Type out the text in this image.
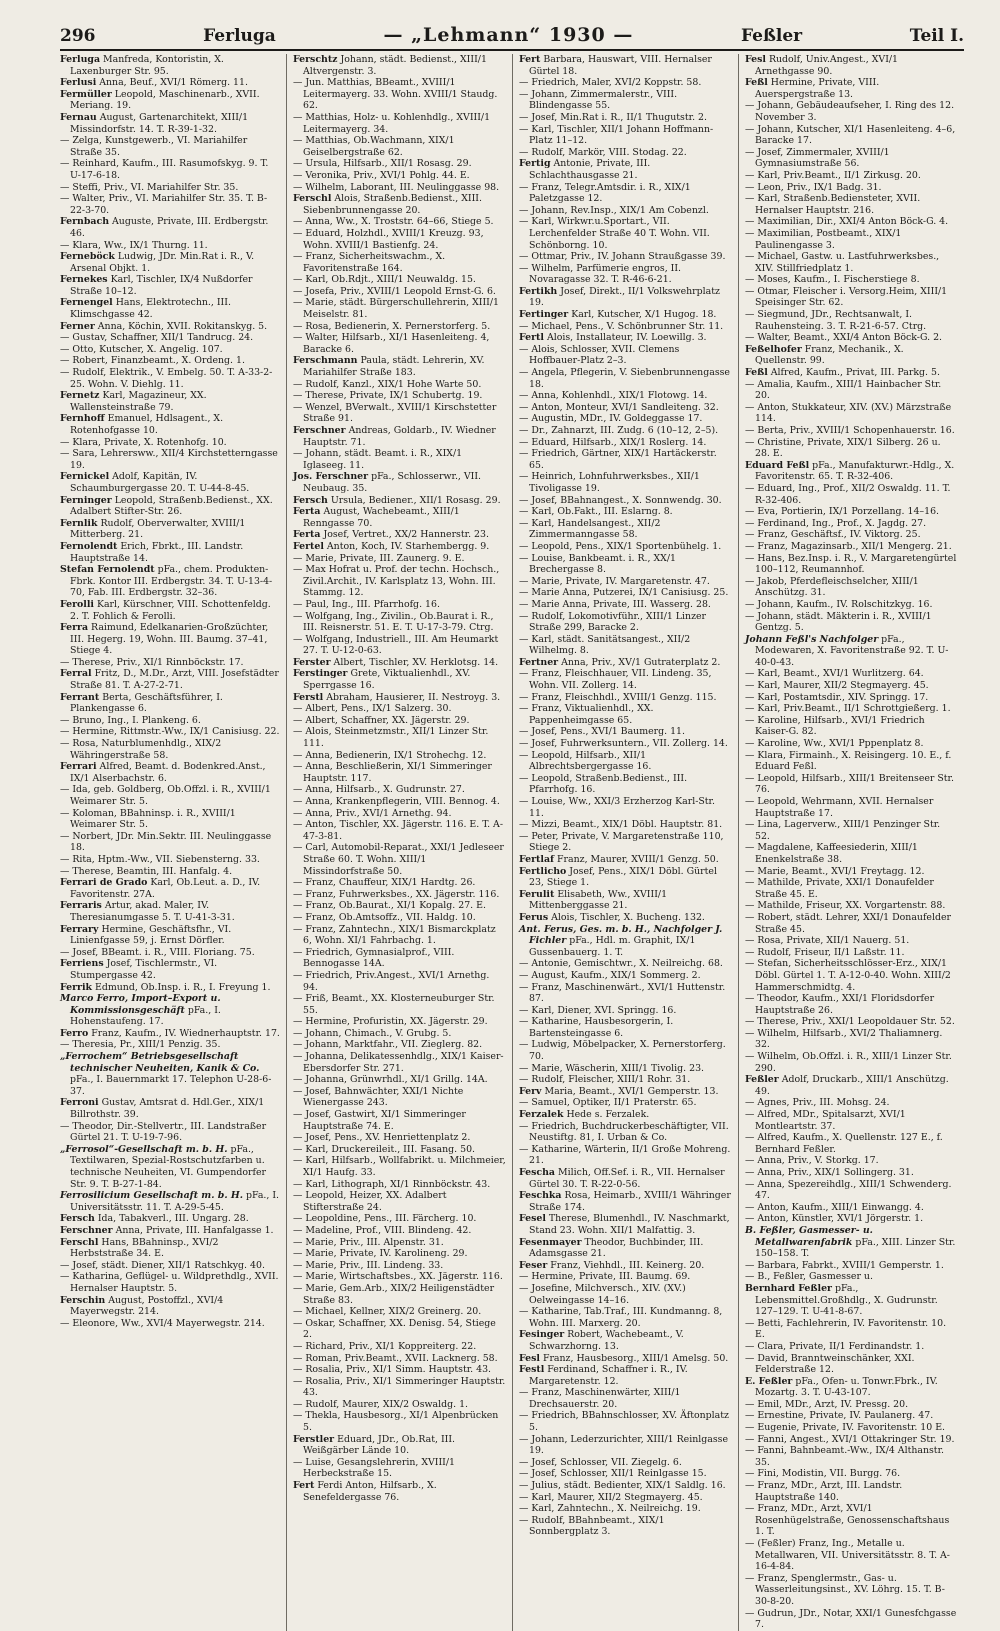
296	Ferluga	— „Lehmann“ 1930 —	Feßler	Teil I.

Ferluga Manfreda, Kontoristin, X. Laxenburger Str. 95.

Ferlusi Anna, Beuf., XVI/1 Römerg. 11.

Fermüller Leopold, Maschinenarb., XVII. Meriang. 19.

Fernau August, Gartenarchitekt, XIII/1 Missindorfstr. 14. T. R-39-1-32.

— Zelga, Kunstgewerb., VI. Mariahilfer Straße 35.

— Reinhard, Kaufm., III. Rasumofskyg. 9. T. U-17-6-18.

— Steffi, Priv., VI. Mariahilfer Str. 35.

— Walter, Priv., VI. Mariahilfer Str. 35. T. B-22-3-70.

Fernbach Auguste, Private, III. Erdbergstr. 46.

— Klara, Ww., IX/1 Thurng. 11.

Ferneböck Ludwig, JDr. Min.Rat i. R., V. Arsenal Objkt. 1.

Fernekes Karl, Tischler, IX/4 Nußdorfer Straße 10–12.

Fernengel Hans, Elektrotechn., III. Klimschgasse 42.

Ferner Anna, Köchin, XVII. Rokitanskyg. 5.

— Gustav, Schaffner, XII/1 Tandrucg. 24.

— Otto, Kutscher, X. Angelig. 107.

— Robert, Finanzbeamt., X. Ordeng. 1.

— Rudolf, Elektrik., V. Embelg. 50. T. A-33-2-25. Wohn. V. Diehlg. 11.

Fernetz Karl, Magazineur, XX. Wallensteinstraße 79.

Fernhoff Emanuel, Hdlsagent., X. Rotenhofgasse 10.

— Klara, Private, X. Rotenhofg. 10.

— Sara, Lehrersww., XII/4 Kirchstetterngasse 19.

Fernickel Adolf, Kapitän, IV. Schaumburgergasse 20. T. U-44-8-45.

Ferninger Leopold, Straßenb.Bedienst., XX. Adalbert Stifter-Str. 26.

Fernlik Rudolf, Oberverwalter, XVIII/1 Mitterberg. 21.

Fernolendt Erich, Fbrkt., III. Landstr. Hauptstraße 14.

Stefan Fernolendt pFa., chem. Produkten-Fbrk. Kontor III. Erdbergstr. 34. T. U-13-4-70, Fab. III. Erdbergstr. 32–36.

Ferolli Karl, Kürschner, VIII. Schottenfeldg. 2. T. Fohlich & Ferolli.

Ferra Raimund, Edelkanarien-Großzüchter, III. Hegerg. 19, Wohn. III. Baumg. 37–41, Stiege 4.

— Therese, Priv., XI/1 Rinnböckstr. 17.

Ferral Fritz, D., M.Dr., Arzt, VIII. Josefstädter Straße 81. T. A-27-2-71.

Ferrant Berta, Geschäftsführer, I. Plankengasse 6.

— Bruno, Ing., I. Plankeng. 6.

— Hermine, Rittmstr.-Ww., IX/1 Canisiusg. 22.

— Rosa, Naturblumenhdlg., XIX/2 Währingerstraße 58.

Ferrari Alfred, Beamt. d. Bodenkred.Anst., IX/1 Alserbachstr. 6.

— Ida, geb. Goldberg, Ob.Offzl. i. R., XVIII/1 Weimarer Str. 5.

— Koloman, BBahninsp. i. R., XVIII/1 Weimarer Str. 5.

— Norbert, JDr. Min.Sektr. III. Neulinggasse 18.

— Rita, Hptm.-Ww., VII. Siebensterng. 33.

— Therese, Beamtin, III. Hanfalg. 4.

Ferrari de Grado Karl, Ob.Leut. a. D., IV. Favoritenstr. 27A.

Ferraris Artur, akad. Maler, IV. Theresianumgasse 5. T. U-41-3-31.

Ferrary Hermine, Geschäftsfhr., VI. Linienfgasse 59, j. Ernst Dörfler.

— Josef, BBeamt. i. R., VIII. Floriang. 75.

Ferriens Josef, Tischlermstr., VI. Stumpergasse 42.

Ferrik Edmund, Ob.Insp. i. R., I. Freyung 1.

Marco Ferro, Import–Export u. Kommissionsgeschäft pFa., I. Hohenstaufeng. 17.

Ferro Franz, Kaufm., IV. Wiednerhauptstr. 17.

— Theresia, Pr., XIII/1 Penzig. 35.

„Ferrochem“ Betriebsgesellschaft technischer Neuheiten, Kanik & Co. pFa., I. Bauernmarkt 17. Telephon U-28-6-37.

Ferroni Gustav, Amtsrat d. Hdl.Ger., XIX/1 Billrothstr. 39.

— Theodor, Dir.-Stellvertr., III. Landstraßer Gürtel 21. T. U-19-7-96.

„Ferrosol“-Gesellschaft m. b. H. pFa., Textilwaren, Spezial-Rostschutzfarben u. technische Neuheiten, VI. Gumpendorfer Str. 9. T. B-27-1-84.

Ferrosilicium Gesellschaft m. b. H. pFa., I. Universitätsstr. 11. T. A-29-5-45.

Fersch Ida, Tabakverl., III. Ungarg. 28.

Ferschner Anna, Private, III. Hanfalgasse 1.

Ferschl Hans, BBahninsp., XVI/2 Herbststraße 34. E.

— Josef, städt. Diener, XII/1 Ratschkyg. 40.

— Katharina, Geflügel- u. Wildprethdlg., XVII. Hernalser Hauptstr. 5.

Ferschin August, Postoffzl., XVI/4 Mayerwegstr. 214.

— Eleonore, Ww., XVI/4 Mayerwegstr. 214.

Ferschtz Johann, städt. Bedienst., XIII/1 Altvergenstr. 3.

— Jun. Matthias, BBeamt., XVIII/1 Leitermayerg. 33. Wohn. XVIII/1 Staudg. 62.

— Matthias, Holz- u. Kohlenhdlg., XVIII/1 Leitermayerg. 34.

— Matthias, Ob.Wachmann, XIX/1 Geiselbergstraße 62.

— Ursula, Hilfsarb., XII/1 Rosasg. 29.

— Veronika, Priv., XVI/1 Pohlg. 44. E.

— Wilhelm, Laborant, III. Neulinggasse 98.

Ferschl Alois, Straßenb.Bedienst., XIII. Siebenbrunnengasse 20.

— Anna, Ww., X. Troststr. 64–66, Stiege 5.

— Eduard, Holzhdl., XVIII/1 Kreuzg. 93, Wohn. XVIII/1 Bastienfg. 24.

— Franz, Sicherheitswachm., X. Favoritenstraße 164.

— Karl, Ob.Rdjt., XIII/1 Neuwaldg. 15.

— Josefa, Priv., XVIII/1 Leopold Ernst-G. 6.

— Marie, städt. Bürgerschullehrerin, XIII/1 Meiselstr. 81.

— Rosa, Bedienerin, X. Pernerstorferg. 5.

— Walter, Hilfsarb., XI/1 Hasenleiteng. 4, Baracke 6.

Ferschmann Paula, städt. Lehrerin, XV. Mariahilfer Straße 183.

— Rudolf, Kanzl., XIX/1 Hohe Warte 50.

— Therese, Private, IX/1 Schubertg. 19.

— Wenzel, BVerwalt., XVIII/1 Kirschstetter Straße 91.

Ferschner Andreas, Goldarb., IV. Wiedner Hauptstr. 71.

— Johann, städt. Beamt. i. R., XIX/1 Iglaseeg. 11.

Jos. Ferschner pFa., Schlosserwr., VII. Neubaug. 35.

Fersch Ursula, Bediener., XII/1 Rosasg. 29.

Ferta August, Wachebeamt., XIII/1 Renngasse 70.

Ferta Josef, Vertret., XX/2 Hannerstr. 23.

Fertel Anton, Koch, IV. Starhembergg. 9.

— Marie, Private, III. Zaunerg. 9. E.

— Max Hofrat u. Prof. der techn. Hochsch., Zivil.Archit., IV. Karlsplatz 13, Wohn. III. Stammg. 12.

— Paul, Ing., III. Pfarrhofg. 16.

— Wolfgang, Ing., Zivilin., Ob.Baurat i. R., III. Reisnerstr. 51. E. T. U-17-3-79. Ctrg.

— Wolfgang, Industriell., III. Am Heumarkt 27. T. U-12-0-63.

Ferster Albert, Tischler, XV. Herklotsg. 14.

Ferstinger Grete, Viktualienhdl., XV. Sperrgasse 16.

Ferstl Abraham, Hausierer, II. Nestroyg. 3.

— Albert, Pens., IX/1 Salzerg. 30.

— Albert, Schaffner, XX. Jägerstr. 29.

— Alois, Steinmetzmstr., XII/1 Linzer Str. 111.

— Anna, Bedienerin, IX/1 Strohechg. 12.

— Anna, Beschließerin, XI/1 Simmeringer Hauptstr. 117.

— Anna, Hilfsarb., X. Gudrunstr. 27.

— Anna, Krankenpflegerin, VIII. Bennog. 4.

— Anna, Priv., XVI/1 Arnethg. 94.

— Anton, Tischler, XX. Jägerstr. 116. E. T. A-47-3-81.

— Carl, Automobil-Reparat., XXI/1 Jedleseer Straße 60. T. Wohn. XIII/1 Missindorfstraße 50.

— Franz, Chauffeur, XIX/1 Hardtg. 26.

— Franz, Fuhrwerksbes., XX. Jägerstr. 116.

— Franz, Ob.Baurat., XI/1 Kopalg. 27. E.

— Franz, Ob.Amtsoffz., VII. Haldg. 10.

— Franz, Zahntechn., XIX/1 Bismarckplatz 6, Wohn. XI/1 Fahrbachg. 1.

— Friedrich, Gymnasialprof., VIII. Bennogasse 14A.

— Friedrich, Priv.Angest., XVI/1 Arnethg. 94.

— Friß, Beamt., XX. Klosterneuburger Str. 55.

— Hermine, Profuristin, XX. Jägerstr. 29.

— Johann, Chimach., V. Grubg. 5.

— Johann, Marktfahr., VII. Zieglerg. 82.

— Johanna, Delikatessenhdlg., XIX/1 Kaiser-Ebersdorfer Str. 271.

— Johanna, Grünwrhdl., XI/1 Grillg. 14A.

— Josef, Bahnwächter, XXI/1 Nichte Wienergasse 243.

— Josef, Gastwirt, XI/1 Simmeringer Hauptstraße 74. E.

— Josef, Pens., XV. Henriettenplatz 2.

— Karl, Druckereileit., III. Fasang. 50.

— Karl, Hilfsarb., Wollfabrikt. u. Milchmeier, XI/1 Haufg. 33.

— Karl, Lithograph, XI/1 Rinnböckstr. 43.

— Leopold, Heizer, XX. Adalbert Stifterstraße 24.

— Leopoldine, Pens., III. Färcherg. 10.

— Madeline, Prof., VIII. Blindeng. 42.

— Marie, Priv., III. Alpenstr. 31.

— Marie, Private, IV. Karolineng. 29.

— Marie, Priv., III. Lindeng. 33.

— Marie, Wirtschaftsbes., XX. Jägerstr. 116.

— Marie, Gem.Arb., XIX/2 Heiligenstädter Straße 83.

— Michael, Kellner, XIX/2 Greinerg. 20.

— Oskar, Schaffner, XX. Denisg. 54, Stiege 2.

— Richard, Priv., XI/1 Koppreiterg. 22.

— Roman, Priv.Beamt., XVII. Lacknerg. 58.

— Rosalia, Priv., XI/1 Simm. Hauptstr. 43.

— Rosalia, Priv., XI/1 Simmeringer Hauptstr. 43.

— Rudolf, Maurer, XIX/2 Oswaldg. 1.

— Thekla, Hausbesorg., XI/1 Alpenbrücken 5.

Ferstler Eduard, JDr., Ob.Rat, III. Weißgärber Lände 10.

— Luise, Gesangslehrerin, XVIII/1 Herbeckstraße 15.

Fert Ferdi Anton, Hilfsarb., X. Senefeldergasse 76.

Fert Barbara, Hauswart, VIII. Hernalser Gürtel 18.

— Friedrich, Maler, XVI/2 Koppstr. 58.

— Johann, Zimmermalerstr., VIII. Blindengasse 55.

— Josef, Min.Rat i. R., II/1 Thugutstr. 2.

— Karl, Tischler, XII/1 Johann Hoffmann-Platz 11–12.

— Rudolf, Markör, VIII. Stodag. 22.

Fertig Antonie, Private, III. Schlachthausgasse 21.

— Franz, Telegr.Amtsdir. i. R., XIX/1 Paletzgasse 12.

— Johann, Rev.Insp., XIX/1 Am Cobenzl.

— Karl, Wirkwr.u.Sportart., VII. Lerchenfelder Straße 40 T. Wohn. VII. Schönborng. 10.

— Ottmar, Priv., IV. Johann Straußgasse 39.

— Wilhelm, Parfümerie engros, II. Novaragasse 32. T. R-46-6-21.

Fertikh Josef, Direkt., II/1 Volkswehrplatz 19.

Fertinger Karl, Kutscher, X/1 Hugog. 18.

— Michael, Pens., V. Schönbrunner Str. 11.

Fertl Alois, Installateur, IV. Loewillg. 3.

— Alois, Schlosser, XVII. Clemens Hoffbauer-Platz 2–3.

— Angela, Pflegerin, V. Siebenbrunnengasse 18.

— Anna, Kohlenhdl., XIX/1 Flotowg. 14.

— Anton, Monteur, XVI/1 Sandleiteng. 32.

— Augustin, MDr., IV. Goldeggasse 17.

— Dr., Zahnarzt, III. Zudg. 6 (10–12, 2–5).

— Eduard, Hilfsarb., XIX/1 Roslerg. 14.

— Friedrich, Gärtner, XIX/1 Hartäckerstr. 65.

— Heinrich, Lohnfuhrwerksbes., XII/1 Tivoligasse 19.

— Josef, BBahnangest., X. Sonnwendg. 30.

— Karl, Ob.Fakt., III. Eslarng. 8.

— Karl, Handelsangest., XII/2 Zimmermanngasse 58.

— Leopold, Pens., XIX/1 Sportenbühelg. 1.

— Louise, Bankbeamt. i. R., XX/1 Brechergasse 8.

— Marie, Private, IV. Margaretenstr. 47.

— Marie Anna, Putzerei, IX/1 Canisiusg. 25.

— Marie Anna, Private, III. Wasserg. 28.

— Rudolf, Lokomotivführ., XIII/1 Linzer Straße 299, Baracke 2.

— Karl, städt. Sanitätsangest., XII/2 Wilhelmg. 8.

Fertner Anna, Priv., XV/1 Gutraterplatz 2.

— Franz, Fleischhauer, VII. Lindeng. 35, Wohn. VII. Zollerg. 14.

— Franz, Fleischhdl., XVIII/1 Genzg. 115.

— Franz, Viktualienhdl., XX. Pappenheimgasse 65.

— Josef, Pens., XVI/1 Baumerg. 11.

— Josef, Fuhrwerksuntern., VII. Zollerg. 14.

— Leopold, Hilfsarb., XII/1 Albrechtsbergergasse 16.

— Leopold, Straßenb.Bedienst., III. Pfarrhofg. 16.

— Louise, Ww., XXI/3 Erzherzog Karl-Str. 11.

— Mizzi, Beamt., XIX/1 Döbl. Hauptstr. 81.

— Peter, Private, V. Margaretenstraße 110, Stiege 2.

Fertlaf Franz, Maurer, XVIII/1 Genzg. 50.

Fertlicho Josef, Pens., XIX/1 Döbl. Gürtel 23, Stiege 1.

Ferulit Elisabeth, Ww., XVIII/1 Mittenberggasse 21.

Ferus Alois, Tischler, X. Bucheng. 132.

Ant. Ferus, Ges. m. b. H., Nachfolger J. Fichler pFa., Hdl. m. Graphit, IX/1 Gussenbauerg. 1. T.

— Antonie, Gemischtwr., X. Neilreichg. 68.

— August, Kaufm., XIX/1 Sommerg. 2.

— Franz, Maschinenwärt., XVI/1 Huttenstr. 87.

— Karl, Diener, XVI. Springg. 16.

— Katharine, Hausbesorgerin, I. Bartensteingasse 6.

— Ludwig, Möbelpacker, X. Pernerstorferg. 70.

— Marie, Wäscherin, XIII/1 Tivolig. 23.

— Rudolf, Fleischer, XIII/1 Rohr. 31.

Ferv Maria, Beamt., XVI/1 Gemperstr. 13.

— Samuel, Optiker, II/1 Praterstr. 65.

Ferzalek Hede s. Ferzalek.

— Friedrich, Buchdruckerbeschäftigter, VII. Neustiftg. 81, I. Urban & Co.

— Katharine, Wärterin, II/1 Große Mohreng. 21.

Fescha Milich, Off.Sef. i. R., VII. Hernalser Gürtel 30. T. R-22-0-56.

Feschka Rosa, Heimarb., XVIII/1 Währinger Straße 174.

Fesel Therese, Blumenhdl., IV. Naschmarkt, Stand 23. Wohn. XII/1 Malfattig. 3.

Fesenmayer Theodor, Buchbinder, III. Adamsgasse 21.

Feser Franz, Viehhdl., III. Keinerg. 20.

— Hermine, Private, III. Baumg. 69.

— Josefine, Milchversch., XIV. (XV.) Oelweingasse 14–16.

— Katharine, Tab.Traf., III. Kundmanng. 8, Wohn. III. Marxerg. 20.

Fesinger Robert, Wachebeamt., V. Schwarzhorng. 13.

Fesl Franz, Hausbesorg., XIII/1 Amelsg. 50.

Festl Ferdinand, Schaffner i. R., IV. Margaretenstr. 12.

— Franz, Maschinenwärter, XIII/1 Drechsauerstr. 20.

— Friedrich, BBahnschlosser, XV. Äftonplatz 5.

— Johann, Lederzurichter, XIII/1 Reinlgasse 19.

— Josef, Schlosser, VII. Ziegelg. 6.

— Josef, Schlosser, XII/1 Reinlgasse 15.

— Julius, städt. Bedienter, XIX/1 Saldlg. 16.

— Karl, Maurer, XII/2 Stegmayerg. 45.

— Karl, Zahntechn., X. Neilreichg. 19.

— Rudolf, BBahnbeamt., XIX/1 Sonnbergplatz 3.

Fesl Rudolf, Univ.Angest., XVI/1 Arnethgasse 90.

Feßl Hermine, Private, VIII. Auerspergstraße 13.

— Johann, Gebäudeaufseher, I. Ring des 12. November 3.

— Johann, Kutscher, XI/1 Hasenleiteng. 4–6, Baracke 17.

— Josef, Zimmermaler, XVIII/1 Gymnasiumstraße 56.

— Karl, Priv.Beamt., II/1 Zirkusg. 20.

— Leon, Priv., IX/1 Badg. 31.

— Karl, Straßenb.Bediensteter, XVII. Hernalser Hauptstr. 216.

— Maximilian, Dir., XXI/4 Anton Böck-G. 4.

— Maximilian, Postbeamt., XIX/1 Paulinengasse 3.

— Michael, Gastw. u. Lastfuhrwerksbes., XIV. Stillfriedplatz 1.

— Moses, Kaufm., I. Fischerstiege 8.

— Otmar, Fleischer i. Versorg.Heim, XIII/1 Speisinger Str. 62.

— Siegmund, JDr., Rechtsanwalt, I. Rauhensteing. 3. T. R-21-6-57. Ctrg.

— Walter, Beamt., XXI/4 Anton Böck-G. 2.

Feßelhofer Franz, Mechanik., X. Quellenstr. 99.

Feßl Alfred, Kaufm., Privat, III. Parkg. 5.

— Amalia, Kaufm., XIII/1 Hainbacher Str. 20.

— Anton, Stukkateur, XIV. (XV.) Märzstraße 114.

— Berta, Priv., XVIII/1 Schopenhauerstr. 16.

— Christine, Private, XIX/1 Silberg. 26 u. 28. E.

Eduard Feßl pFa., Manufakturwr.-Hdlg., X. Favoritenstr. 65. T. R-32-406.

— Eduard, Ing., Prof., XII/2 Oswaldg. 11. T. R-32-406.

— Eva, Portierin, IX/1 Porzellang. 14–16.

— Ferdinand, Ing., Prof., X. Jagdg. 27.

— Franz, Geschäftsf., IV. Viktorg. 25.

— Franz, Magazinsarb., XII/1 Mengerg. 21.

— Hans, Bez.Insp. i. R., V. Margaretengürtel 100–112, Reumannhof.

— Jakob, Pferdefleischselcher, XIII/1 Anschützg. 31.

— Johann, Kaufm., IV. Rolschitzkyg. 16.

— Johann, städt. Mäkterin i. R., XVIII/1 Gentzg. 5.

Johann Feßl's Nachfolger pFa., Modewaren, X. Favoritenstraße 92. T. U-40-0-43.

— Karl, Beamt., XVI/1 Wurlitzerg. 64.

— Karl, Maurer, XII/2 Stegmayerg. 45.

— Karl, Postamtsdir., XIV. Springg. 17.

— Karl, Priv.Beamt., II/1 Schrottgießerg. 1.

— Karoline, Hilfsarb., XVI/1 Friedrich Kaiser-G. 82.

— Karoline, Ww., XVI/1 Pppenplatz 8.

— Klara, Firmainh., X. Reisingerg. 10. E., f. Eduard Feßl.

— Leopold, Hilfsarb., XIII/1 Breitenseer Str. 76.

— Leopold, Wehrmann, XVII. Hernalser Hauptstraße 17.

— Lina, Lagerverw., XIII/1 Penzinger Str. 52.

— Magdalene, Kaffeesiederin, XIII/1 Enenkelstraße 38.

— Marie, Beamt., XVI/1 Freytagg. 12.

— Mathilde, Private, XXI/1 Donaufelder Straße 45. E.

— Mathilde, Friseur, XX. Vorgartenstr. 88.

— Robert, städt. Lehrer, XXI/1 Donaufelder Straße 45.

— Rosa, Private, XII/1 Nauerg. 51.

— Rudolf, Friseur, II/1 Laßstr. 11.

— Stefan, Sicherheitsschlösser-Erz., XIX/1 Döbl. Gürtel 1. T. A-12-0-40. Wohn. XIII/2 Hammerschmidtg. 4.

— Theodor, Kaufm., XXI/1 Floridsdorfer Hauptstraße 26.

— Therese, Priv., XXI/1 Leopoldauer Str. 52.

— Wilhelm, Hilfsarb., XVI/2 Thaliamnerg. 32.

— Wilhelm, Ob.Offzl. i. R., XIII/1 Linzer Str. 290.

Feßler Adolf, Druckarb., XIII/1 Anschützg. 49.

— Agnes, Priv., III. Mohsg. 24.

— Alfred, MDr., Spitalsarzt, XVI/1 Montleartstr. 37.

— Alfred, Kaufm., X. Quellenstr. 127 E., f. Bernhard Feßler.

— Anna, Priv., V. Storkg. 17.

— Anna, Priv., XIX/1 Sollingerg. 31.

— Anna, Spezereihdlg., XIII/1 Schwenderg. 47.

— Anton, Kaufm., XIII/1 Einwangg. 4.

— Anton, Künstler, XVI/1 Jörgerstr. 1.

B. Feßler, Gasmesser- u. Metallwarenfabrik pFa., XIII. Linzer Str. 150–158. T.

— Barbara, Fabrkt., XVIII/1 Gemperstr. 1.

— B., Feßler, Gasmesser u.

Bernhard Feßler pFa., Lebensmittel.Großhdlg., X. Gudrunstr. 127–129. T. U-41-8-67.

— Betti, Fachlehrerin, IV. Favoritenstr. 10. E.

— Clara, Private, II/1 Ferdinandstr. 1.

— David, Branntweinschänker, XXI. Felderstraße 12.

E. Feßler pFa., Ofen- u. Tonwr.Fbrk., IV. Mozartg. 3. T. U-43-107.

— Emil, MDr., Arzt, IV. Pressg. 20.

— Ernestine, Private, IV. Paulanerg. 47.

— Eugenie, Private, IV. Favoritenstr. 10 E.

— Fanni, Angest., XVI/1 Ottakringer Str. 19.

— Fanni, Bahnbeamt.-Ww., IX/4 Althanstr. 35.

— Fini, Modistin, VII. Burgg. 76.

— Franz, MDr., Arzt, III. Landstr. Hauptstraße 140.

— Franz, MDr., Arzt, XVI/1 Rosenhügelstraße, Genossenschaftshaus 1. T.

— (Feßler) Franz, Ing., Metalle u. Metallwaren, VII. Universitätsstr. 8. T. A-16-4-84.

— Franz, Spenglermstr., Gas- u. Wasserleitungsinst., XV. Löhrg. 15. T. B-30-8-20.

— Gudrun, JDr., Notar, XXI/1 Gunesfchgasse 7.
